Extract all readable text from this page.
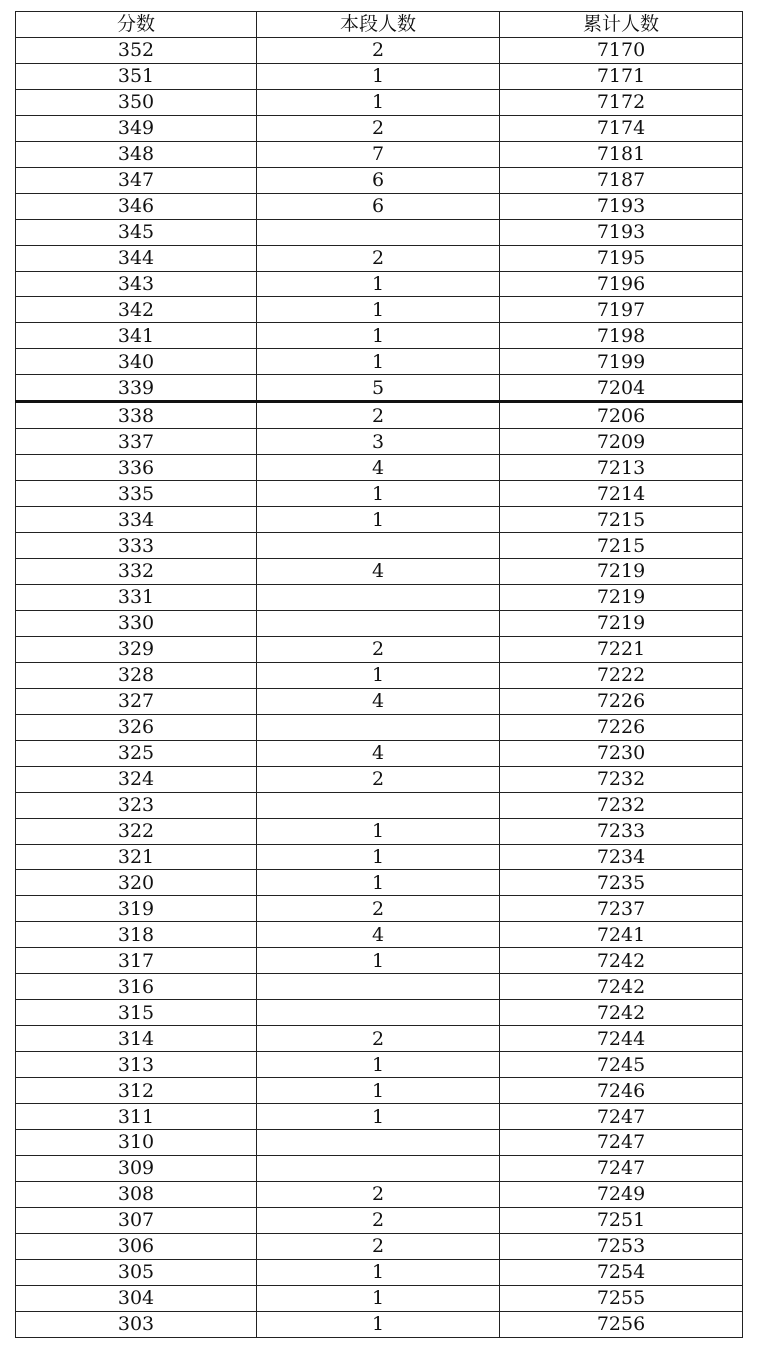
分数	本段人数	累计人数
352	2	7170
351	1	7171
350	1	7172
349	2	7174
348	7	7181
347	6	7187
346	6	7193
345		7193
344	2	7195
343	1	7196
342	1	7197
341	1	7198
340	1	7199
339	5	7204
338	2	7206
337	3	7209
336	4	7213
335	1	7214
334	1	7215
333		7215
332	4	7219
331		7219
330		7219
329	2	7221
328	1	7222
327	4	7226
326		7226
325	4	7230
324	2	7232
323		7232
322	1	7233
321	1	7234
320	1	7235
319	2	7237
318	4	7241
317	1	7242
316		7242
315		7242
314	2	7244
313	1	7245
312	1	7246
311	1	7247
310		7247
309		7247
308	2	7249
307	2	7251
306	2	7253
305	1	7254
304	1	7255
303	1	7256
